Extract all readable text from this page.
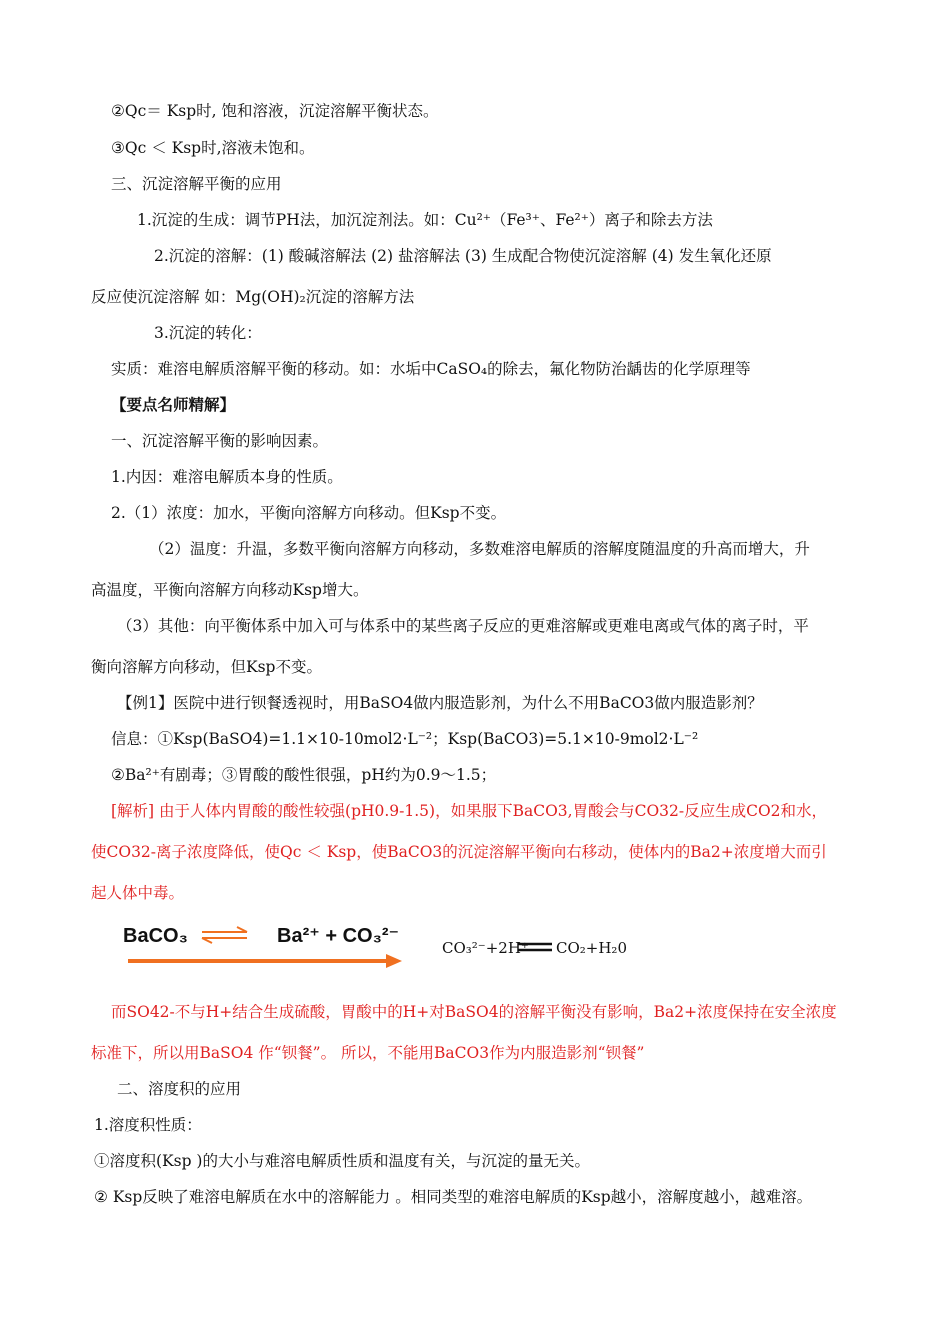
②Qc＝ Ksp时, 饱和溶液，沉淀溶解平衡状态。
③Qc ＜ Ksp时,溶液未饱和。
三、沉淀溶解平衡的应用
1.沉淀的生成：调节PH法，加沉淀剂法。如：Cu²⁺（Fe³⁺、Fe²⁺）离子和除去方法
2.沉淀的溶解：(1) 酸碱溶解法 (2) 盐溶解法 (3) 生成配合物使沉淀溶解 (4) 发生氧化还原
反应使沉淀溶解 如：Mg(OH)₂沉淀的溶解方法
3.沉淀的转化：
实质：难溶电解质溶解平衡的移动。如：水垢中CaSO₄的除去，氟化物防治龋齿的化学原理等
【要点名师精解】
一、沉淀溶解平衡的影响因素。
1.内因：难溶电解质本身的性质。
2.（1）浓度：加水，平衡向溶解方向移动。但Ksp不变。
（2）温度：升温，多数平衡向溶解方向移动，多数难溶电解质的溶解度随温度的升高而增大，升
高温度，平衡向溶解方向移动Ksp增大。
（3）其他：向平衡体系中加入可与体系中的某些离子反应的更难溶解或更难电离或气体的离子时，平
衡向溶解方向移动，但Ksp不变。
【例1】医院中进行钡餐透视时，用BaSO4做内服造影剂，为什么不用BaCO3做内服造影剂？
信息：①Ksp(BaSO4)=1.1×10-10mol2·L⁻²；Ksp(BaCO3)=5.1×10-9mol2·L⁻²
②Ba²⁺有剧毒；③胃酸的酸性很强，pH约为0.9～1.5；
[解析] 由于人体内胃酸的酸性较强(pH0.9-1.5)，如果服下BaCO3,胃酸会与CO32-反应生成CO2和水，
使CO32-离子浓度降低，使Qc ＜ Ksp，使BaCO3的沉淀溶解平衡向右移动，使体内的Ba2+浓度增大而引
起人体中毒。
BaCO₃	Ba²⁺ + CO₃²⁻
CO₃²⁻+2H⁺ CO₂+H₂0
而SO42-不与H+结合生成硫酸，胃酸中的H+对BaSO4的溶解平衡没有影响，Ba2+浓度保持在安全浓度
标准下，所以用BaSO4 作“钡餐”。 所以，不能用BaCO3作为内服造影剂“钡餐”
二、溶度积的应用
1.溶度积性质：
①溶度积(Ksp )的大小与难溶电解质性质和温度有关，与沉淀的量无关。
② Ksp反映了难溶电解质在水中的溶解能力 。相同类型的难溶电解质的Ksp越小，溶解度越小，越难溶。
